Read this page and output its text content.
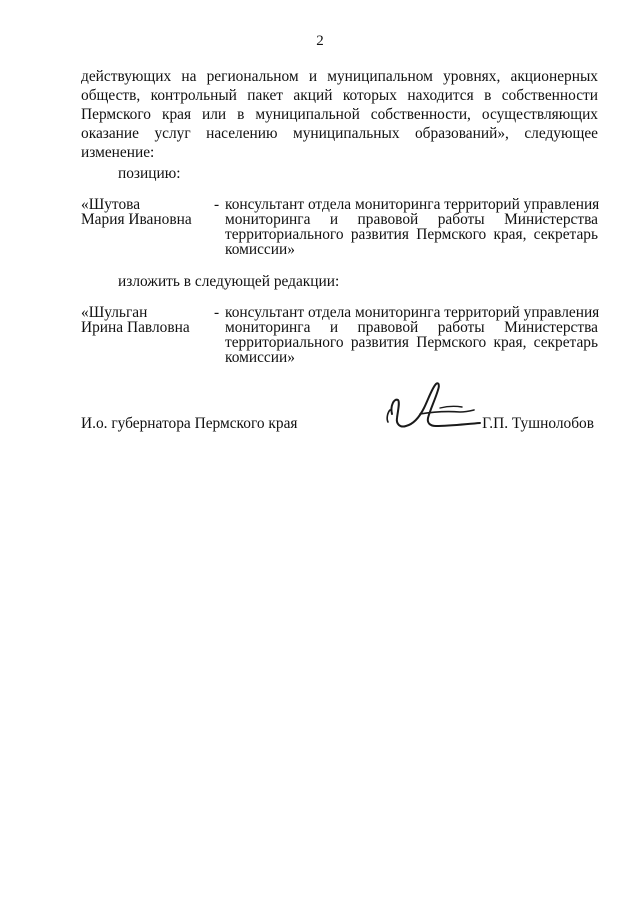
2
действующих на региональном и муниципальном уровнях, акционерных
обществ, контрольный пакет акций которых находится в собственности
Пермского края или в муниципальной собственности, осуществляющих
оказание услуг населению муниципальных образований», следующее
изменение:
позицию:
«Шутова
Мария Ивановна
- консультант отдела мониторинга территорий управления
мониторинга и правовой работы Министерства
территориального развития Пермского края, секретарь
комиссии»
изложить в следующей редакции:
«Шульган
Ирина Павловна
- консультант отдела мониторинга территорий управления
мониторинга и правовой работы Министерства
территориального развития Пермского края, секретарь
комиссии»
И.о. губернатора Пермского края	Г.П. Тушнолобов
